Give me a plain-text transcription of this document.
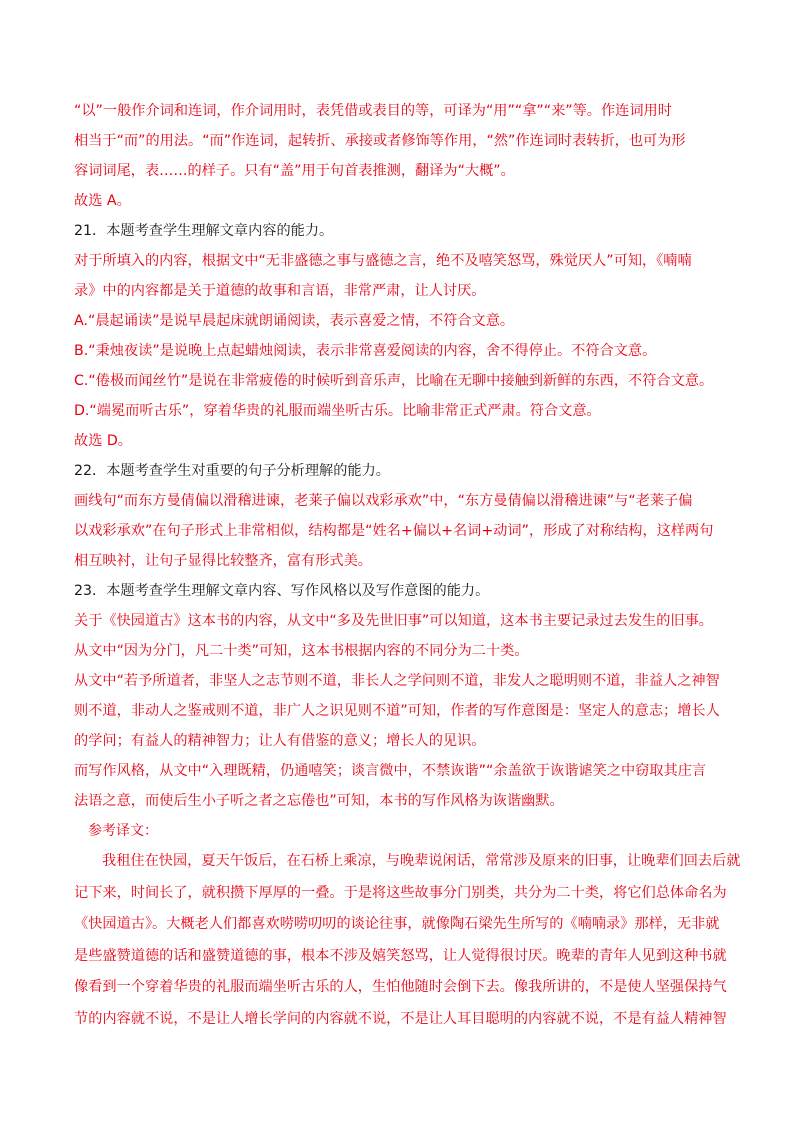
“以”一般作介词和连词，作介词用时，表凭借或表目的等，可译为“用”“拿”“来”等。作连词用时
相当于“而”的用法。“而”作连词，起转折、承接或者修饰等作用，“然”作连词时表转折，也可为形
容词词尾，表……的样子。只有“盖”用于句首表推测，翻译为“大概”。
故选 A。
21．本题考查学生理解文章内容的能力。
对于所填入的内容，根据文中“无非盛德之事与盛德之言，绝不及嘻笑怒骂，殊觉厌人”可知，《喃喃
录》中的内容都是关于道德的故事和言语，非常严肃，让人讨厌。
A.“晨起诵读”是说早晨起床就朗诵阅读，表示喜爱之情，不符合文意。
B.“秉烛夜读”是说晚上点起蜡烛阅读，表示非常喜爱阅读的内容，舍不得停止。不符合文意。
C.“倦极而闻丝竹”是说在非常疲倦的时候听到音乐声，比喻在无聊中接触到新鲜的东西，不符合文意。
D.“端冕而听古乐”，穿着华贵的礼服而端坐听古乐。比喻非常正式严肃。符合文意。
故选 D。
22．本题考查学生对重要的句子分析理解的能力。
画线句“而东方曼倩偏以滑稽进谏，老莱子偏以戏彩承欢”中，“东方曼倩偏以滑稽进谏”与“老莱子偏
以戏彩承欢”在句子形式上非常相似，结构都是“姓名+偏以+名词+动词”，形成了对称结构，这样两句
相互映衬，让句子显得比较整齐，富有形式美。
23．本题考查学生理解文章内容、写作风格以及写作意图的能力。
关于《快园道古》这本书的内容，从文中“多及先世旧事”可以知道，这本书主要记录过去发生的旧事。
从文中“因为分门，凡二十类”可知，这本书根据内容的不同分为二十类。
从文中“若予所道者，非坚人之志节则不道，非长人之学问则不道，非发人之聪明则不道，非益人之神智
则不道，非动人之鉴戒则不道，非广人之识见则不道”可知，作者的写作意图是：坚定人的意志；增长人
的学问；有益人的精神智力；让人有借鉴的意义；增长人的见识。
而写作风格，从文中“入理既精，仍通嘻笑；谈言微中，不禁诙谐”“余盖欲于诙谐谑笑之中窃取其庄言
法语之意，而使后生小子听之者之忘倦也”可知，本书的写作风格为诙谐幽默。
参考译文：
我租住在快园，夏天午饭后，在石桥上乘凉，与晚辈说闲话，常常涉及原来的旧事，让晚辈们回去后就
记下来，时间长了，就积攒下厚厚的一叠。于是将这些故事分门别类，共分为二十类，将它们总体命名为
《快园道古》。大概老人们都喜欢唠唠叨叨的谈论往事，就像陶石梁先生所写的《喃喃录》那样，无非就
是些盛赞道德的话和盛赞道德的事，根本不涉及嬉笑怒骂，让人觉得很讨厌。晚辈的青年人见到这种书就
像看到一个穿着华贵的礼服而端坐听古乐的人，生怕他随时会倒下去。像我所讲的，不是使人坚强保持气
节的内容就不说，不是让人增长学问的内容就不说，不是让人耳目聪明的内容就不说，不是有益人精神智
